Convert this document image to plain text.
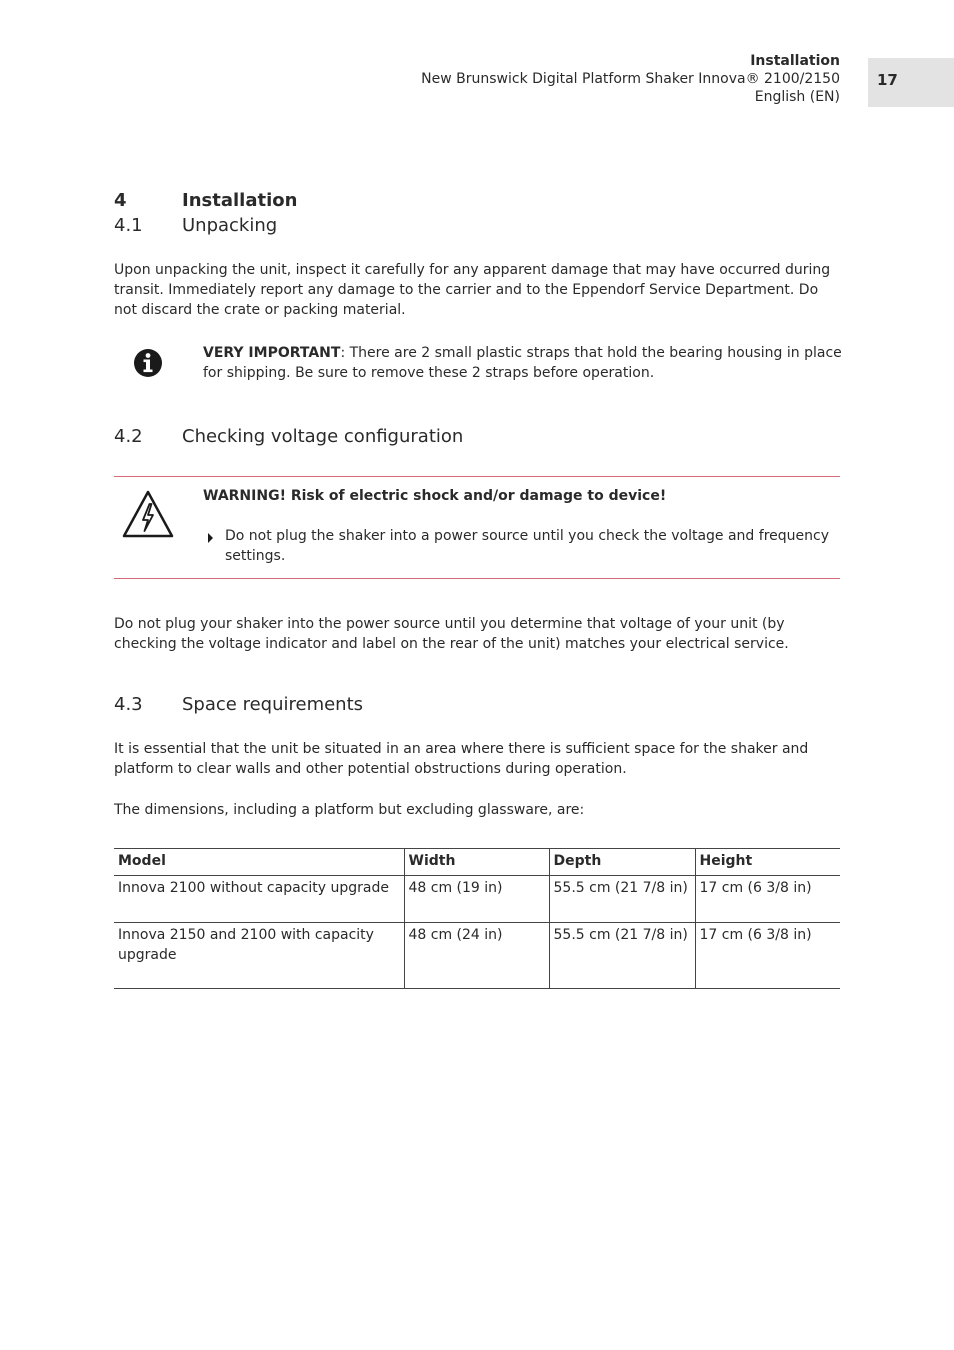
Installation
New Brunswick Digital Platform Shaker Innova® 2100/2150
English (EN)
17
4	Installation
4.1 Unpacking

Upon unpacking the unit, inspect it carefully for any apparent damage that may have occurred during transit. Immediately report any damage to the carrier and to the Eppendorf Service Department. Do not discard the crate or packing material.

VERY IMPORTANT: There are 2 small plastic straps that hold the bearing housing in place for shipping. Be sure to remove these 2 straps before operation.

4.2 Checking voltage configuration
WARNING! Risk of electric shock and/or damage to device!

Do not plug the shaker into a power source until you check the voltage and frequency settings.

Do not plug your shaker into the power source until you determine that voltage of your unit (by checking the voltage indicator and label on the rear of the unit) matches your electrical service.

4.3 Space requirements

It is essential that the unit be situated in an area where there is sufficient space for the shaker and platform to clear walls and other potential obstructions during operation.

The dimensions, including a platform but excluding glassware, are:

Model	Width	Depth	Height
Innova 2100 without capacity upgrade	48 cm (19 in)	55.5 cm (21 7/8 in)	17 cm (6 3/8 in)
Innova 2150 and 2100 with capacity upgrade	48 cm (24 in)	55.5 cm (21 7/8 in)	17 cm (6 3/8 in)
